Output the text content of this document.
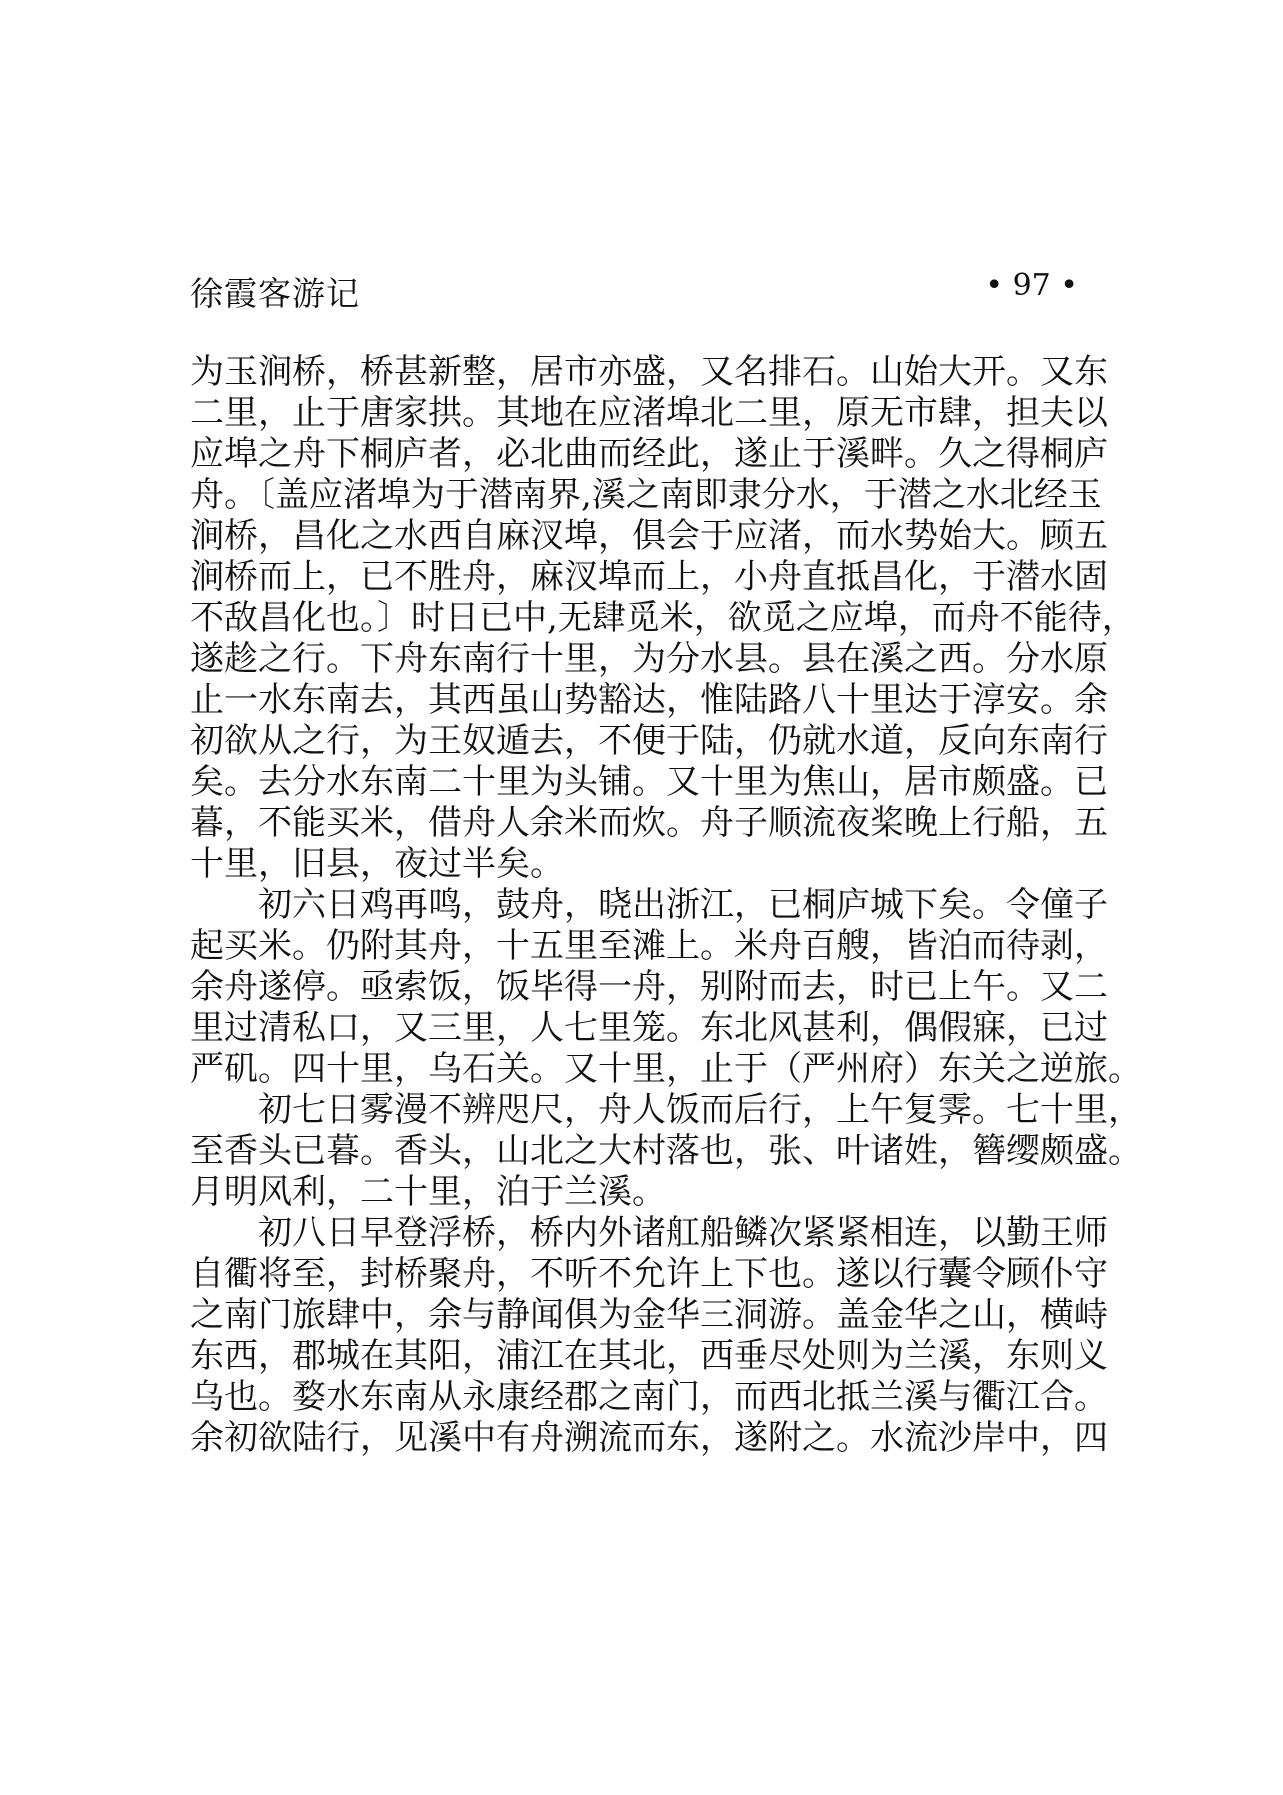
徐霞客游记	• 97 •
为玉涧桥，桥甚新整，居市亦盛，又名排石。山始大开。又东
二里，止于唐家拱。其地在应渚埠北二里，原无市肆，担夫以
应埠之舟下桐庐者，必北曲而经此，遂止于溪畔。久之得桐庐
舟。〔盖应渚埠为于潜南界,溪之南即隶分水，于潜之水北经玉
涧桥，昌化之水西自麻汊埠，俱会于应渚，而水势始大。顾五
涧桥而上，已不胜舟，麻汊埠而上，小舟直抵昌化，于潜水固
不敌昌化也。〕时日已中,无肆觅米，欲觅之应埠，而舟不能待，
遂趁之行。下舟东南行十里，为分水县。县在溪之西。分水原
止一水东南去，其西虽山势豁达，惟陆路八十里达于淳安。余
初欲从之行，为王奴遁去，不便于陆，仍就水道，反向东南行
矣。去分水东南二十里为头铺。又十里为焦山，居市颇盛。已
暮，不能买米，借舟人余米而炊。舟子顺流夜桨晚上行船，五
十里，旧县，夜过半矣。
　　初六日鸡再鸣，鼓舟，晓出浙江，已桐庐城下矣。令僮子
起买米。仍附其舟，十五里至滩上。米舟百艘，皆泊而待剥，
余舟遂停。亟索饭，饭毕得一舟，别附而去，时已上午。又二
里过清私口，又三里，人七里笼。东北风甚利，偶假寐，已过
严矶。四十里，乌石关。又十里，止于（严州府）东关之逆旅。
　　初七日雾漫不辨咫尺，舟人饭而后行，上午复霁。七十里，
至香头已暮。香头，山北之大村落也，张、叶诸姓，簪缨颇盛。
月明风利，二十里，泊于兰溪。
　　初八日早登浮桥，桥内外诸舡船鳞次紧紧相连，以勤王师
自衢将至，封桥聚舟，不听不允许上下也。遂以行囊令顾仆守
之南门旅肆中，余与静闻俱为金华三洞游。盖金华之山，横峙
东西，郡城在其阳，浦江在其北，西垂尽处则为兰溪，东则义
乌也。婺水东南从永康经郡之南门，而西北抵兰溪与衢江合。
余初欲陆行，见溪中有舟溯流而东，遂附之。水流沙岸中，四
